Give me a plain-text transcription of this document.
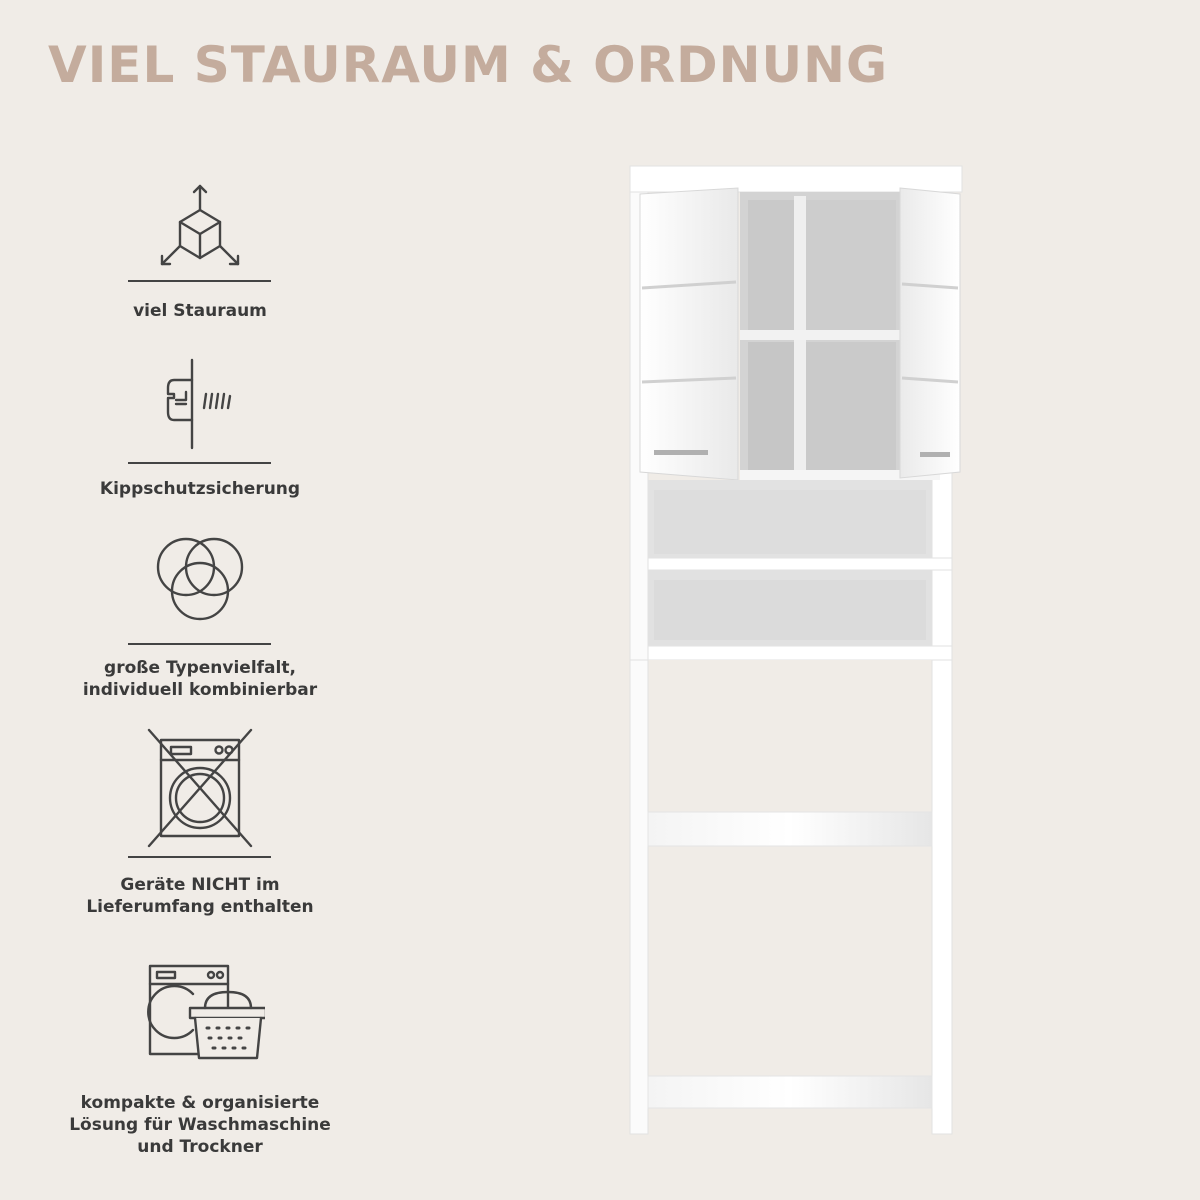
VIEL STAURAUM & ORDNUNG
viel Stauraum
Kippschutzsicherung
große Typenvielfalt,
individuell kombinierbar
Geräte NICHT im
Lieferumfang enthalten
kompakte & organisierte
Lösung für Waschmaschine
und Trockner
